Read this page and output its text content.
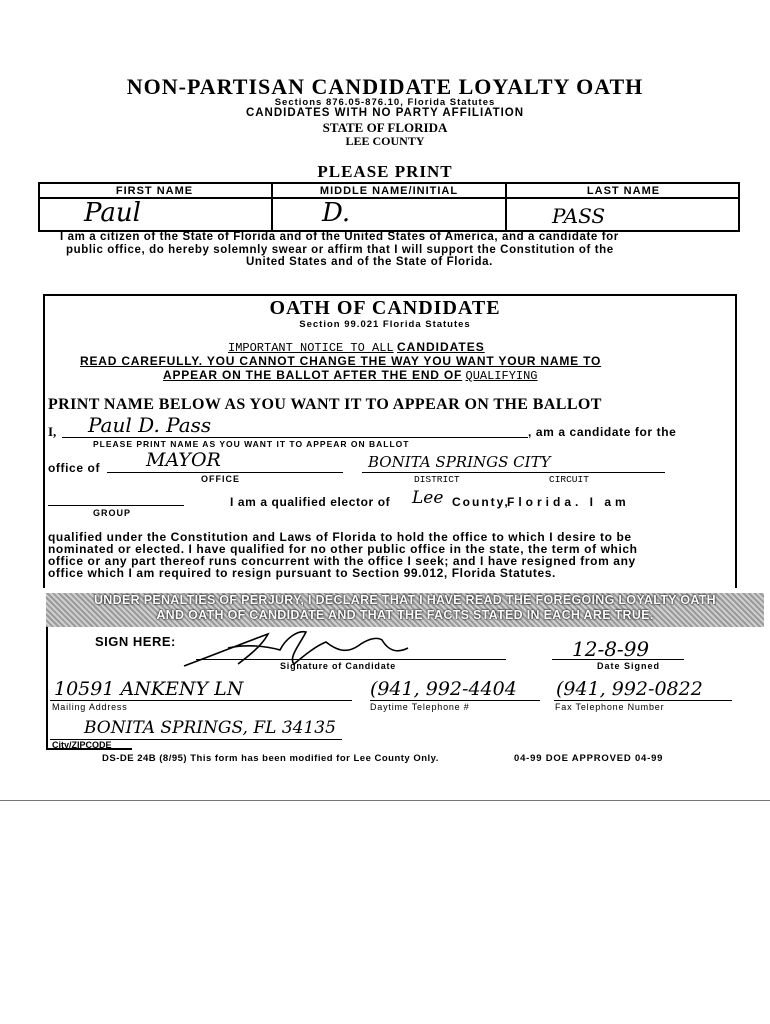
NON-PARTISAN CANDIDATE LOYALTY OATH
Sections 876.05-876.10, Florida Statutes
CANDIDATES WITH NO PARTY AFFILIATION
STATE OF FLORIDA
LEE COUNTY
PLEASE PRINT
FIRST NAME	MIDDLE NAME/INITIAL	LAST NAME
Paul	D.	PASS
I am a citizen of the State of Florida and of the United States of America, and a candidate for
public office, do hereby solemnly swear or affirm that I will support the Constitution of the
United States and of the State of Florida.
OATH OF CANDIDATE
Section 99.021 Florida Statutes
IMPORTANT NOTICE TO ALL CANDIDATES
READ CAREFULLY. YOU CANNOT CHANGE THE WAY YOU WANT YOUR NAME TO
APPEAR ON THE BALLOT AFTER THE END OF QUALIFYING
PRINT NAME BELOW AS YOU WANT IT TO APPEAR ON THE BALLOT
I, Paul D. Pass	, am a candidate for the
PLEASE PRINT NAME AS YOU WANT IT TO APPEAR ON BALLOT
office of MAYOR	BONITA SPRINGS CITY
OFFICE	DISTRICT	CIRCUIT
I am a qualified elector of Lee County,
Florida. I am
GROUP
qualified under the Constitution and Laws of Florida to hold the office to which I desire to be
nominated or elected. I have qualified for no other public office in the state, the term of which
office or any part thereof runs concurrent with the office I seek; and I have resigned from any
office which I am required to resign pursuant to Section 99.012, Florida Statutes.
UNDER PENALTIES OF PERJURY, I DECLARE THAT I HAVE READ THE FOREGOING LOYALTY OATH
AND OATH OF CANDIDATE AND THAT THE FACTS STATED IN EACH ARE TRUE.
SIGN HERE:
Signature of Candidate
12-8-99
Date Signed
10591 ANKENY LN
Mailing Address
(941, 992-4404
Daytime Telephone #
(941, 992-0822
Fax Telephone Number
BONITA SPRINGS, FL 34135
City/ZIPCODE
DS-DE 24B (8/95) This form has been modified for Lee County Only.	04-99 DOE APPROVED 04-99
